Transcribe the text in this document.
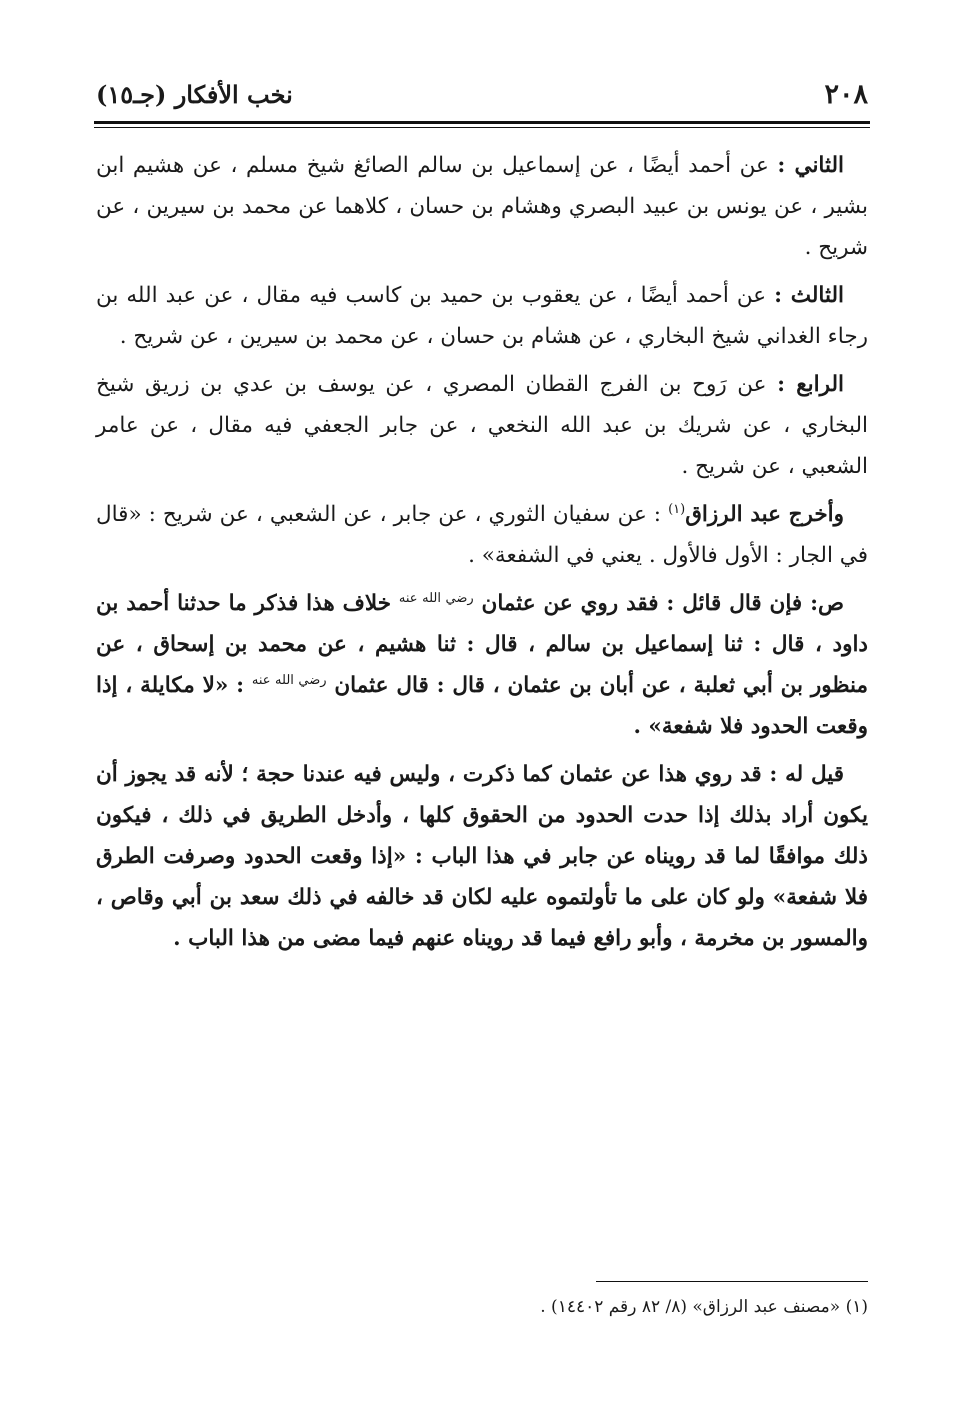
٢٠٨
نخب الأفكار (جـ١٥)

الثاني : عن أحمد أيضًا ، عن إسماعيل بن سالم الصائغ شيخ مسلم ، عن هشيم ابن بشير ، عن يونس بن عبيد البصري وهشام بن حسان ، كلاهما عن محمد بن سيرين ، عن شريح .

الثالث : عن أحمد أيضًا ، عن يعقوب بن حميد بن كاسب فيه مقال ، عن عبد الله بن رجاء الغداني شيخ البخاري ، عن هشام بن حسان ، عن محمد بن سيرين ، عن شريح .

الرابع : عن رَوح بن الفرج القطان المصري ، عن يوسف بن عدي بن زريق شيخ البخاري ، عن شريك بن عبد الله النخعي ، عن جابر الجعفي فيه مقال ، عن عامر الشعبي ، عن شريح .

وأخرج عبد الرزاق$^{(١)}$ : عن سفيان الثوري ، عن جابر ، عن الشعبي ، عن شريح : «قال في الجار : الأول فالأول . يعني في الشفعة» .

ص: فإن قال قائل : فقد روي عن عثمان $^{رضي الله عنه}$ خلاف هذا فذكر ما حدثنا أحمد بن داود ، قال : ثنا إسماعيل بن سالم ، قال : ثنا هشيم ، عن محمد بن إسحاق ، عن منظور بن أبي ثعلبة ، عن أبان بن عثمان ، قال : قال عثمان $^{رضي الله عنه}$ : «لا مكايلة ، إذا وقعت الحدود فلا شفعة» .

قيل له : قد روي هذا عن عثمان كما ذكرت ، وليس فيه عندنا حجة ؛ لأنه قد يجوز أن يكون أراد بذلك إذا حدت الحدود من الحقوق كلها ، وأدخل الطريق في ذلك ، فيكون ذلك موافقًا لما قد رويناه عن جابر في هذا الباب : «إذا وقعت الحدود وصرفت الطرق فلا شفعة» ولو كان على ما تأولتموه عليه لكان قد خالفه في ذلك سعد بن أبي وقاص ، والمسور بن مخرمة ، وأبو رافع فيما قد رويناه عنهم فيما مضى من هذا الباب .

(١) «مصنف عبد الرزاق» (٨/ ٨٢ رقم ١٤٤٠٢) .
